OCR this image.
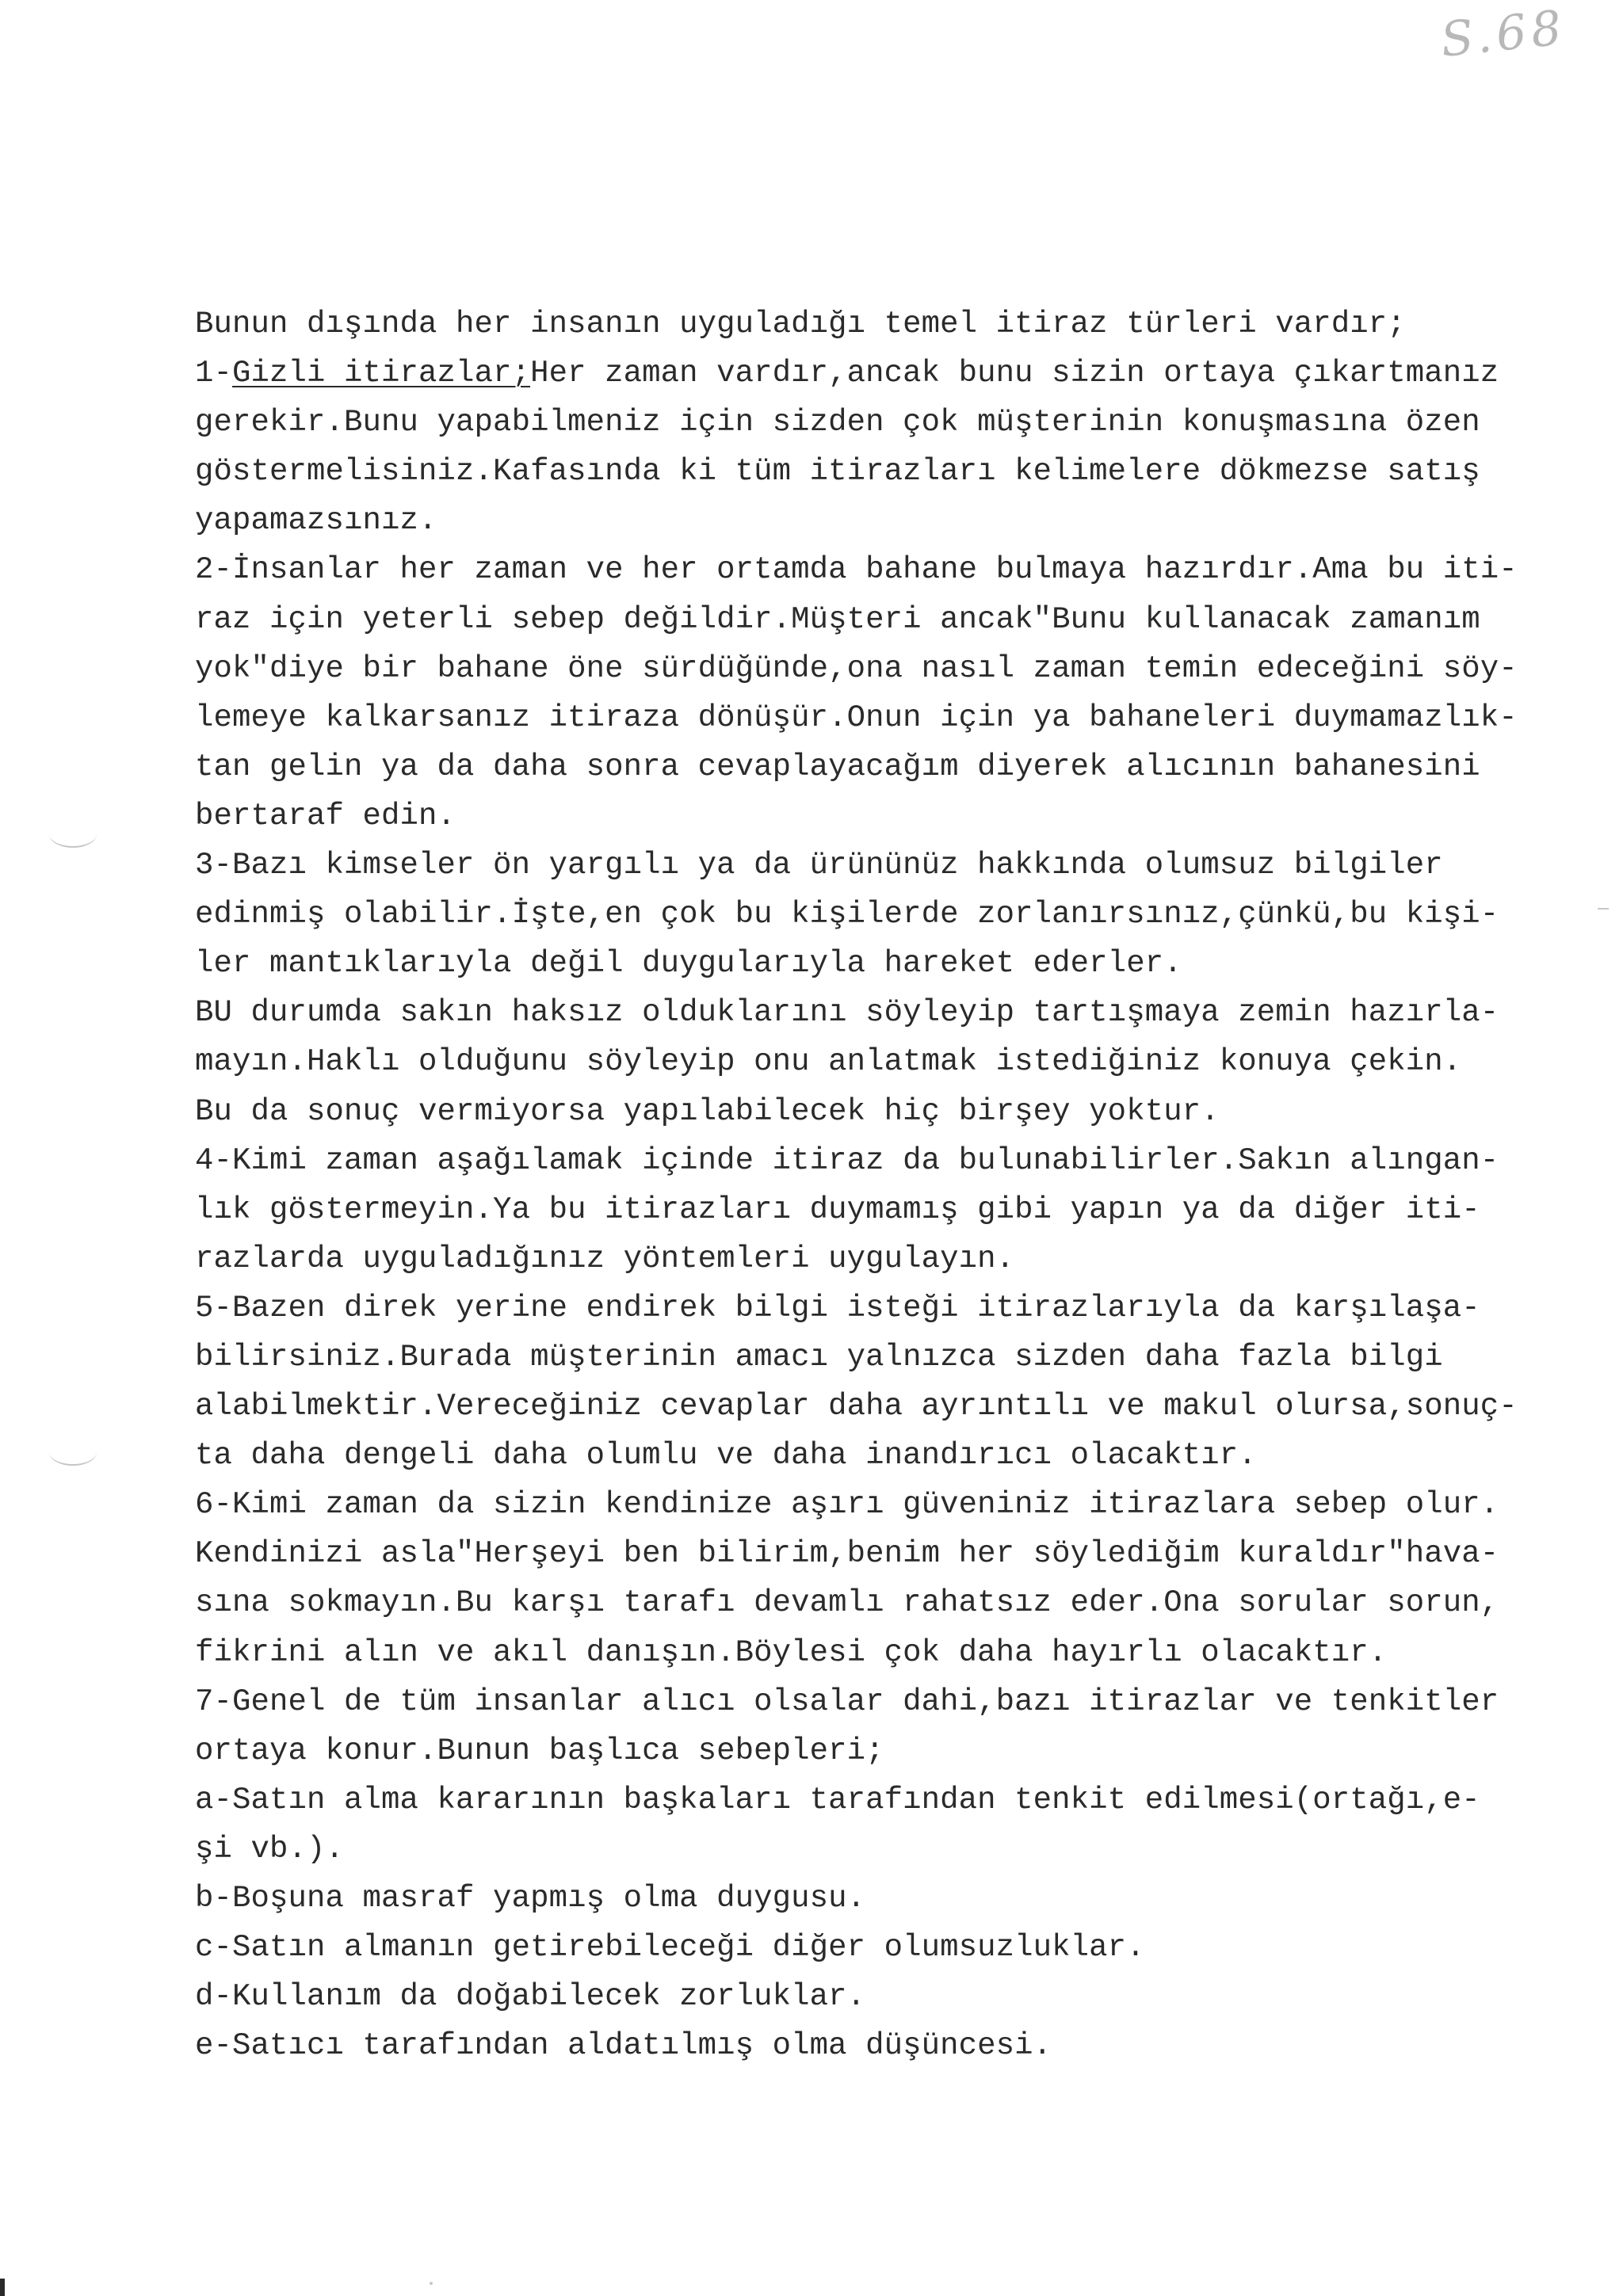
S.68
Bunun dışında her insanın uyguladığı temel itiraz türleri vardır;
1-Gizli itirazlar;Her zaman vardır,ancak bunu sizin ortaya çıkartmanız
gerekir.Bunu yapabilmeniz için sizden çok müşterinin konuşmasına özen
göstermelisiniz.Kafasında ki tüm itirazları kelimelere dökmezse satış
yapamazsınız.
2-İnsanlar her zaman ve her ortamda bahane bulmaya hazırdır.Ama bu iti-
raz için yeterli sebep değildir.Müşteri ancak"Bunu kullanacak zamanım
yok"diye bir bahane öne sürdüğünde,ona nasıl zaman temin edeceğini söy-
lemeye kalkarsanız itiraza dönüşür.Onun için ya bahaneleri duymamazlık-
tan gelin ya da daha sonra cevaplayacağım diyerek alıcının bahanesini
bertaraf edin.
3-Bazı kimseler ön yargılı ya da ürününüz hakkında olumsuz bilgiler
edinmiş olabilir.İşte,en çok bu kişilerde zorlanırsınız,çünkü,bu kişi-
ler mantıklarıyla değil duygularıyla hareket ederler.
BU durumda sakın haksız olduklarını söyleyip tartışmaya zemin hazırla-
mayın.Haklı olduğunu söyleyip onu anlatmak istediğiniz konuya çekin.
Bu da sonuç vermiyorsa yapılabilecek hiç birşey yoktur.
4-Kimi zaman aşağılamak içinde itiraz da bulunabilirler.Sakın alıngan-
lık göstermeyin.Ya bu itirazları duymamış gibi yapın ya da diğer iti-
razlarda uyguladığınız yöntemleri uygulayın.
5-Bazen direk yerine endirek bilgi isteği itirazlarıyla da karşılaşa-
bilirsiniz.Burada müşterinin amacı yalnızca sizden daha fazla bilgi
alabilmektir.Vereceğiniz cevaplar daha ayrıntılı ve makul olursa,sonuç-
ta daha dengeli daha olumlu ve daha inandırıcı olacaktır.
6-Kimi zaman da sizin kendinize aşırı güveniniz itirazlara sebep olur.
Kendinizi asla"Herşeyi ben bilirim,benim her söylediğim kuraldır"hava-
sına sokmayın.Bu karşı tarafı devamlı rahatsız eder.Ona sorular sorun,
fikrini alın ve akıl danışın.Böylesi çok daha hayırlı olacaktır.
7-Genel de tüm insanlar alıcı olsalar dahi,bazı itirazlar ve tenkitler
ortaya konur.Bunun başlıca sebepleri;
a-Satın alma kararının başkaları tarafından tenkit edilmesi(ortağı,e-
şi vb.).
b-Boşuna masraf yapmış olma duygusu.
c-Satın almanın getirebileceği diğer olumsuzluklar.
d-Kullanım da doğabilecek zorluklar.
e-Satıcı tarafından aldatılmış olma düşüncesi.
